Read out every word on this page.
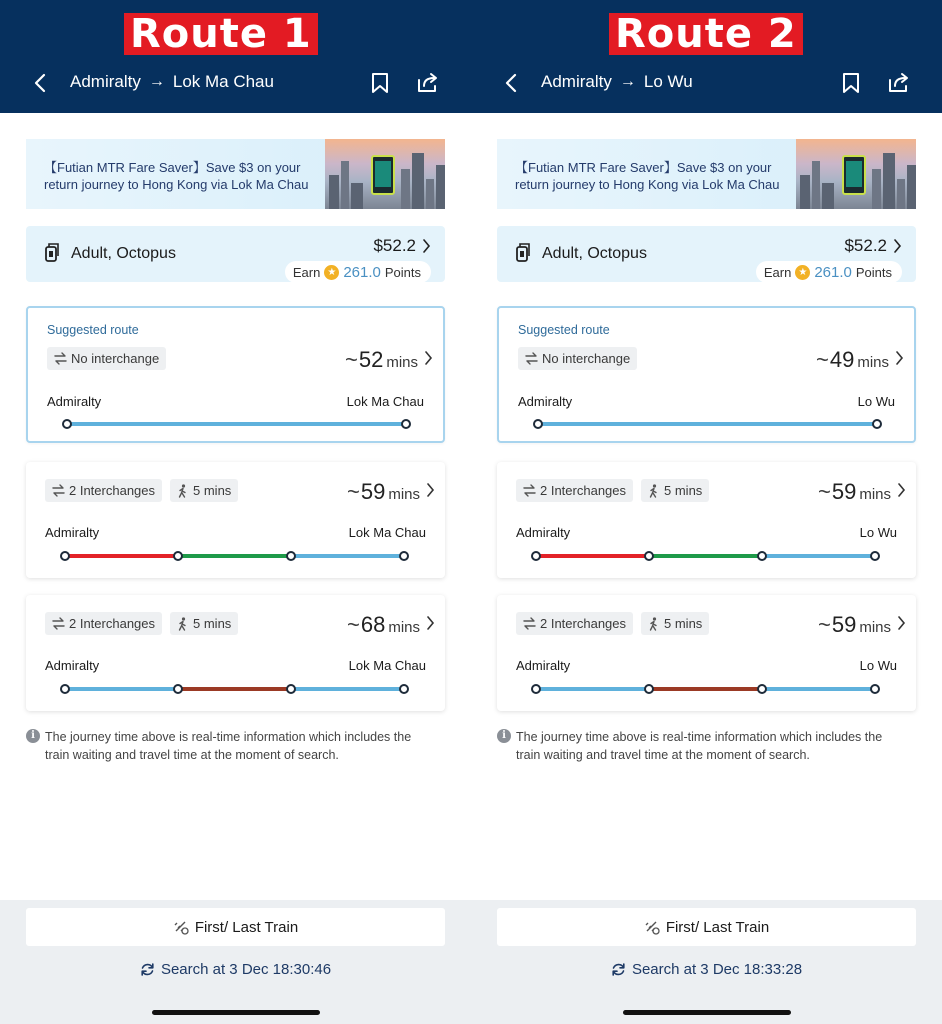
Route 1
Admiralty → Lok Ma Chau
【Futian MTR Fare Saver】Save $3 on your return journey to Hong Kong via Lok Ma Chau
Adult, Octopus	$52.2
Earn ★ 261.0 Points
Suggested route
No interchange	~ 52 mins
Admiralty	Lok Ma Chau
2 Interchanges	5 mins	~ 59 mins
Admiralty	Lok Ma Chau
2 Interchanges	5 mins	~ 68 mins
Admiralty	Lok Ma Chau
i The journey time above is real-time information which includes the train waiting and travel time at the moment of search.
First/ Last Train
Search at 3 Dec 18:30:46
Route 2
Admiralty → Lo Wu
【Futian MTR Fare Saver】Save $3 on your return journey to Hong Kong via Lok Ma Chau
Adult, Octopus	$52.2
Earn ★ 261.0 Points
Suggested route
No interchange	~ 49 mins
Admiralty	Lo Wu
2 Interchanges	5 mins	~ 59 mins
Admiralty	Lo Wu
2 Interchanges	5 mins	~ 59 mins
Admiralty	Lo Wu
i The journey time above is real-time information which includes the train waiting and travel time at the moment of search.
First/ Last Train
Search at 3 Dec 18:33:28
